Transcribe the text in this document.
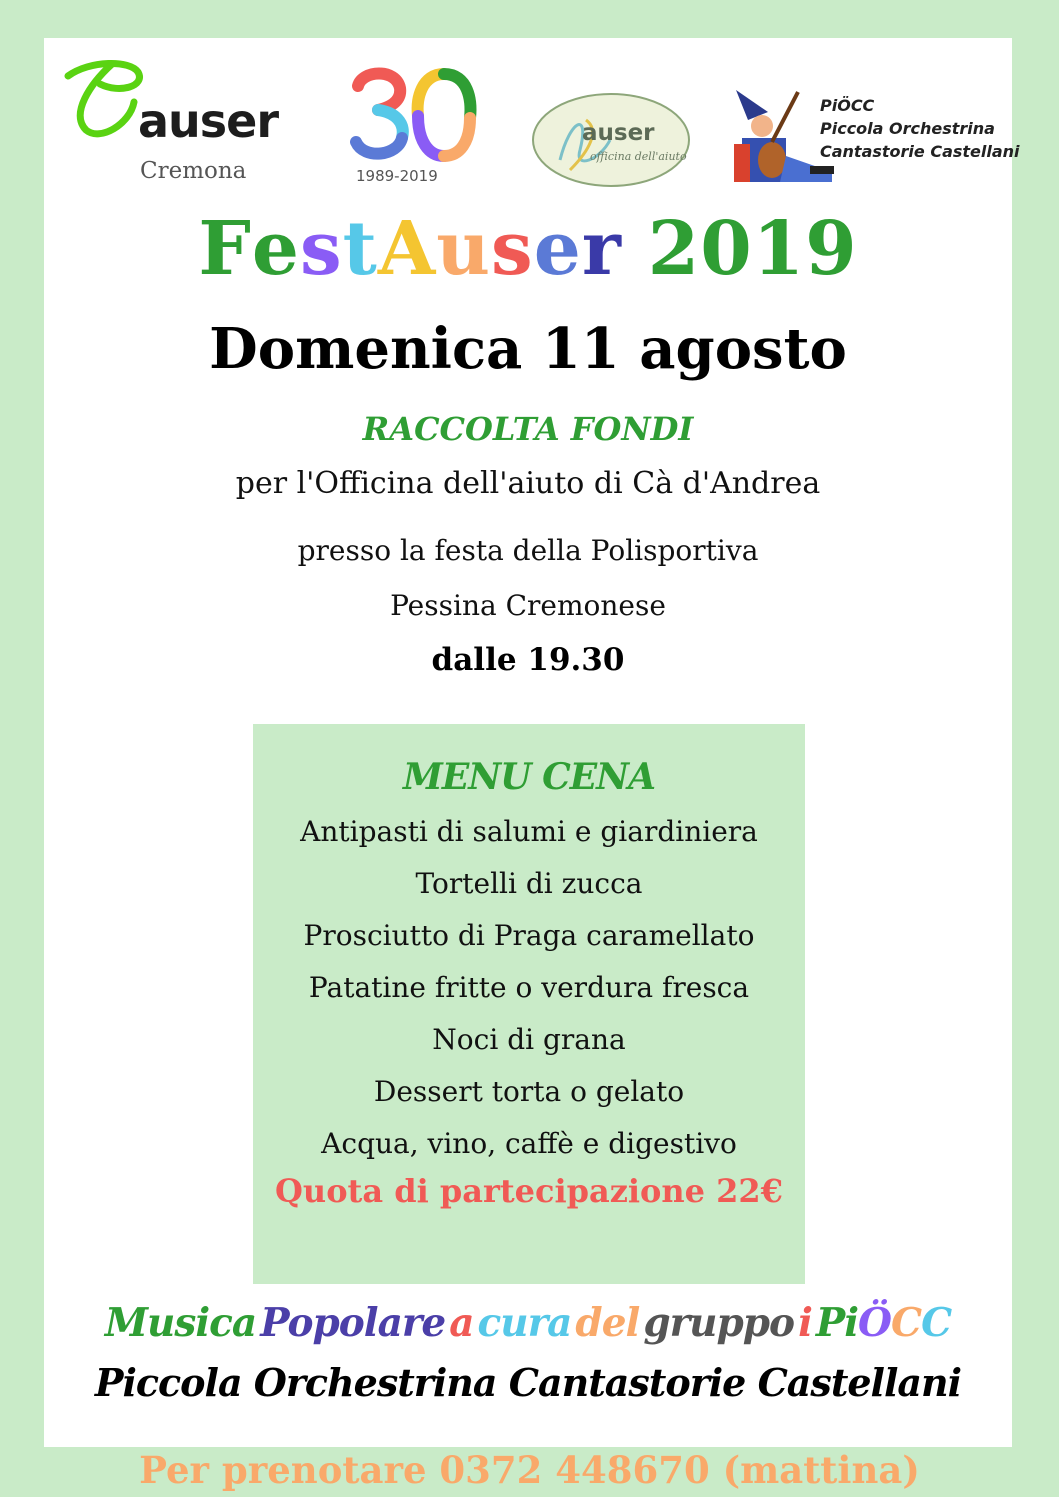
auser
Cremona	1989-2019
auser
officina dell'aiuto
PiÖCC
Piccola Orchestrina
Cantastorie Castellani
FestAuser 2019
Domenica 11 agosto
RACCOLTA FONDI
per l'Officina dell'aiuto di Cà d'Andrea
presso la festa della Polisportiva
Pessina Cremonese
dalle 19.30
MENU CENA
Antipasti di salumi e giardiniera
Tortelli di zucca
Prosciutto di Praga caramellato
Patatine fritte o verdura fresca
Noci di grana
Dessert torta o gelato
Acqua, vino, caffè e digestivo
Quota di partecipazione 22€
Musica Popolare a cura del gruppo i PiÖCC
Piccola Orchestrina Cantastorie Castellani
Per prenotare 0372 448670 (mattina)
